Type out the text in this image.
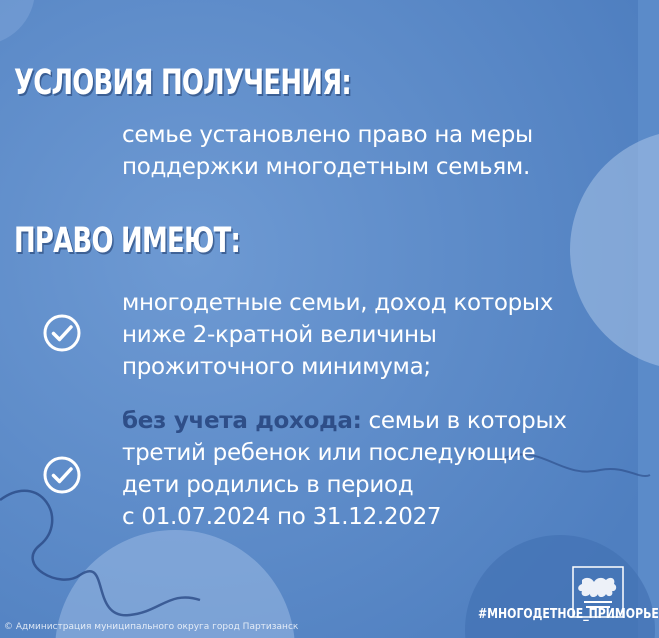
УСЛОВИЯ ПОЛУЧЕНИЯ:

семье установлено право на меры
поддержки многодетным семьям.

ПРАВО ИМЕЮТ:

многодетные семьи, доход которых
ниже 2-кратной величины
прожиточного минимума;

без учета дохода: семьи в которых
третий ребенок или последующие
дети родились в период
с 01.07.2024 по 31.12.2027

#МНОГОДЕТНОЕ_ПРИМОРЬЕ
© Администрация муниципального округа город Партизанск
